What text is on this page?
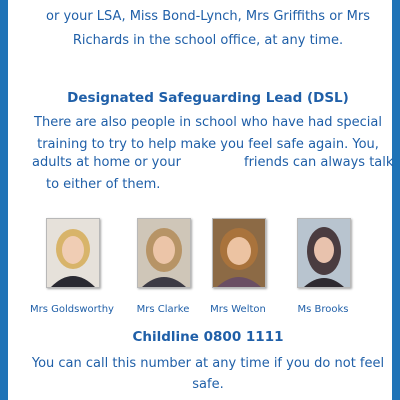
or your LSA, Miss Bond-Lynch, Mrs Griffiths or Mrs
Richards in the school office, at any time.
Designated Safeguarding Lead (DSL)
There are also people in school who have had special
training to try to help make you feel safe again. You,
adults at home or your	friends can always talk
to either of them.
Mrs Goldsworthy	Mrs Clarke	Mrs Welton	Ms Brooks
Childline 0800 1111
You can call this number at any time if you do not feel
safe.
